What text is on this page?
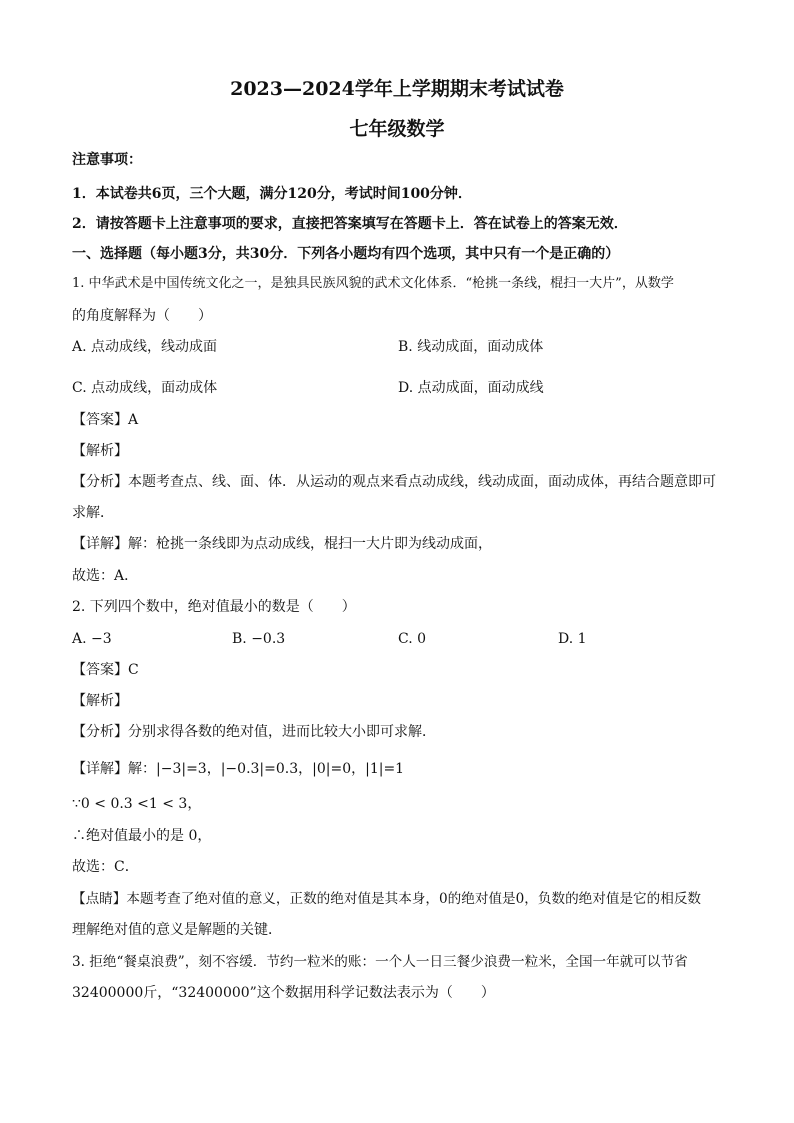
2023—2024学年上学期期末考试试卷
七年级数学
注意事项：
1．本试卷共6页，三个大题，满分120分，考试时间100分钟．
2．请按答题卡上注意事项的要求，直接把答案填写在答题卡上．答在试卷上的答案无效．
一、选择题（每小题3分，共30分．下列各小题均有四个选项，其中只有一个是正确的）
1. 中华武术是中国传统文化之一，是独具民族风貌的武术文化体系．“枪挑一条线，棍扫一大片”，从数学
的角度解释为（　　）
A. 点动成线，线动成面	B. 线动成面，面动成体
C. 点动成线，面动成体	D. 点动成面，面动成线
【答案】A
【解析】
【分析】本题考查点、线、面、体．从运动的观点来看点动成线，线动成面，面动成体，再结合题意即可
求解．
【详解】解：枪挑一条线即为点动成线，棍扫一大片即为线动成面，
故选：A．
2. 下列四个数中，绝对值最小的数是（　　）
A. −3	B. −0.3	C. 0	D. 1
【答案】C
【解析】
【分析】分别求得各数的绝对值，进而比较大小即可求解．
【详解】解：|−3|=3，|−0.3|=0.3，|0|=0，|1|=1
∵0 < 0.3 <1 < 3，
∴绝对值最小的是 0，
故选：C．
【点睛】本题考查了绝对值的意义，正数的绝对值是其本身，0的绝对值是0，负数的绝对值是它的相反数
理解绝对值的意义是解题的关键．
3. 拒绝“餐桌浪费”，刻不容缓．节约一粒米的账：一个人一日三餐少浪费一粒米，全国一年就可以节省
32400000斤，“32400000”这个数据用科学记数法表示为（　　）
